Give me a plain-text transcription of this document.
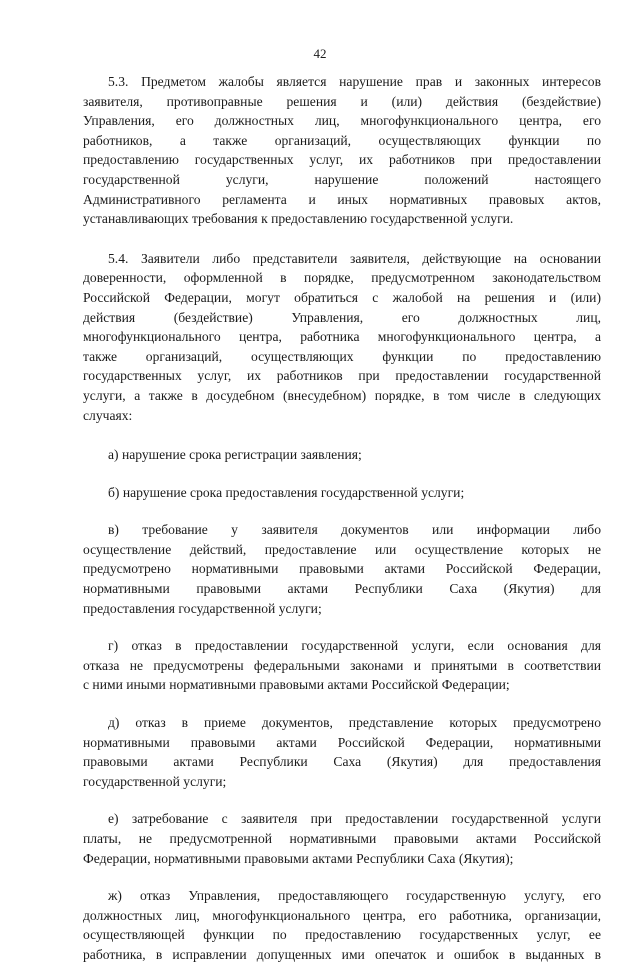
42

5.3. Предметом жалобы является нарушение прав и законных интересов
заявителя, противоправные решения и (или) действия (бездействие)
Управления, его должностных лиц, многофункционального центра, его
работников, а также организаций, осуществляющих функции по
предоставлению государственных услуг, их работников при предоставлении
государственной услуги, нарушение положений настоящего
Административного регламента и иных нормативных правовых актов,
устанавливающих требования к предоставлению государственной услуги.

5.4. Заявители либо представители заявителя, действующие на основании
доверенности, оформленной в порядке, предусмотренном законодательством
Российской Федерации, могут обратиться с жалобой на решения и (или)
действия (бездействие) Управления, его должностных лиц,
многофункционального центра, работника многофункционального центра, а
также организаций, осуществляющих функции по предоставлению
государственных услуг, их работников при предоставлении государственной
услуги, а также в досудебном (внесудебном) порядке, в том числе в следующих
случаях:

а) нарушение срока регистрации заявления;

б) нарушение срока предоставления государственной услуги;

в) требование у заявителя документов или информации либо
осуществление действий, предоставление или осуществление которых не
предусмотрено нормативными правовыми актами Российской Федерации,
нормативными правовыми актами Республики Саха (Якутия) для
предоставления государственной услуги;

г) отказ в предоставлении государственной услуги, если основания для
отказа не предусмотрены федеральными законами и принятыми в соответствии
с ними иными нормативными правовыми актами Российской Федерации;

д) отказ в приеме документов, представление которых предусмотрено
нормативными правовыми актами Российской Федерации, нормативными
правовыми актами Республики Саха (Якутия) для предоставления
государственной услуги;

е) затребование с заявителя при предоставлении государственной услуги
платы, не предусмотренной нормативными правовыми актами Российской
Федерации, нормативными правовыми актами Республики Саха (Якутия);

ж) отказ Управления, предоставляющего государственную услугу, его
должностных лиц, многофункционального центра, его работника, организации,
осуществляющей функции по предоставлению государственных услуг, ее
работника, в исправлении допущенных ими опечаток и ошибок в выданных в
